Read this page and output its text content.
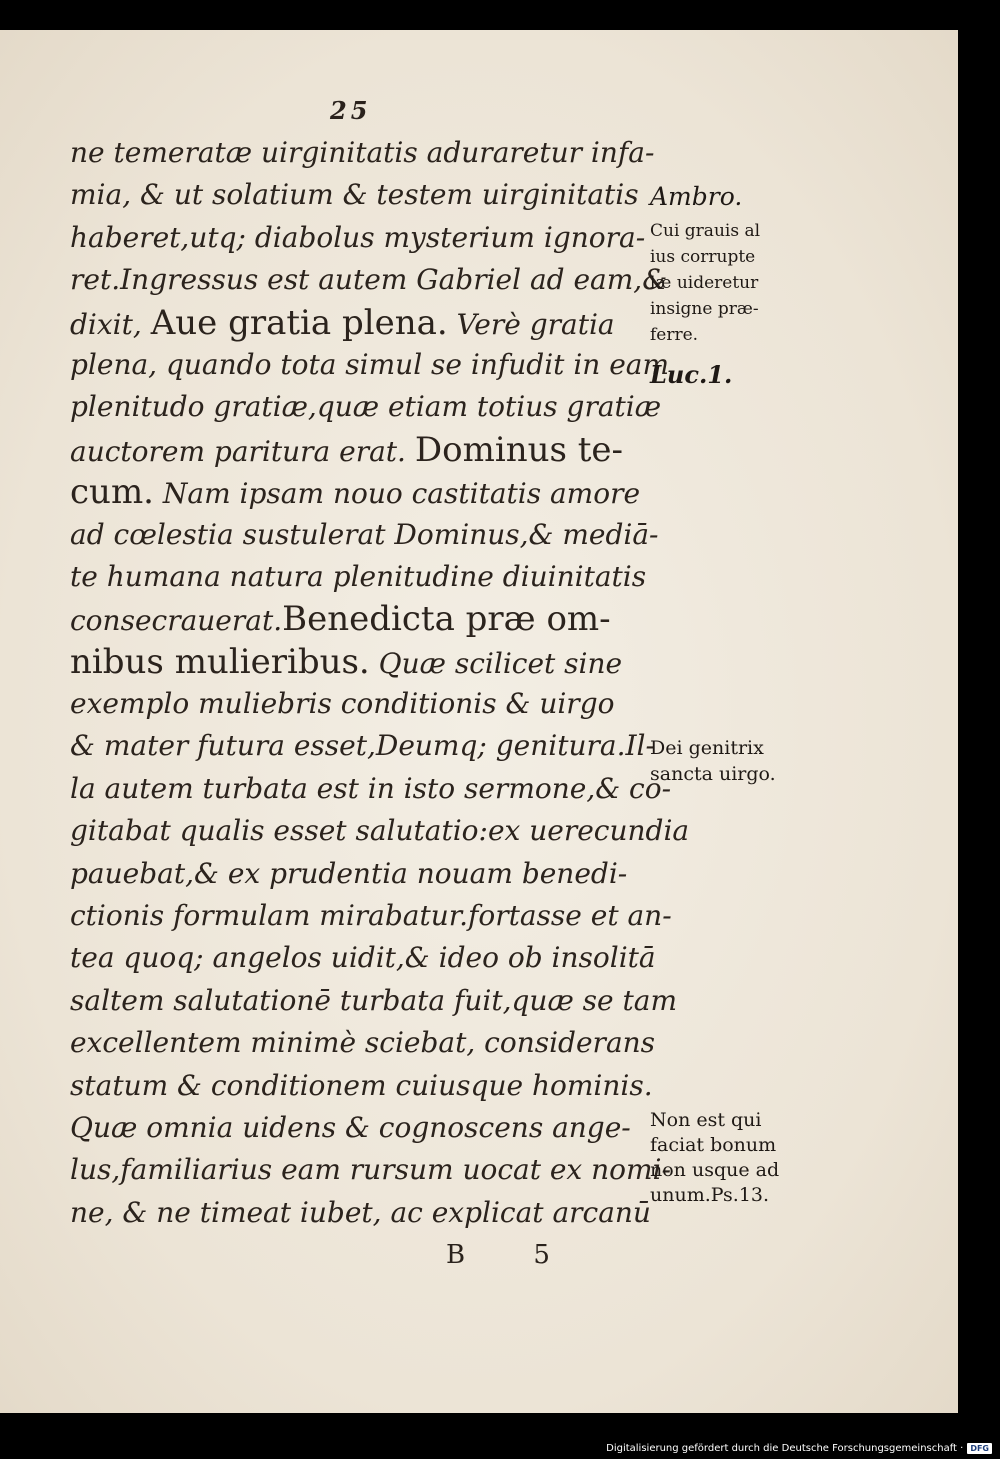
25
ne temeratæ uirginitatis aduraretur infa-
mia, & ut solatium & testem uirginitatis
haberet,utq; diabolus mysterium ignora-
ret.Ingressus est autem Gabriel ad eam,&
dixit, Aue gratia plena. Verè gratia
plena, quando tota simul se infudit in eam
plenitudo gratiæ,quæ etiam totius gratiæ
auctorem paritura erat. Dominus te-
cum. Nam ipsam nouo castitatis amore
ad cœlestia sustulerat Dominus,& mediā-
te humana natura plenitudine diuinitatis
consecrauerat.Benedicta præ om-
nibus mulieribus. Quæ scilicet sine
exemplo muliebris conditionis & uirgo
& mater futura esset,Deumq; genitura.Il-
la autem turbata est in isto sermone,& co-
gitabat qualis esset salutatio:ex uerecundia
pauebat,& ex prudentia nouam benedi-
ctionis formulam mirabatur.fortasse et an-
tea quoq; angelos uidit,& ideo ob insolitā
saltem salutationē turbata fuit,quæ se tam
excellentem minimè sciebat, considerans
statum & conditionem cuiusque hominis.
Quæ omnia uidens & cognoscens ange-
lus,familiarius eam rursum uocat ex nomi-
ne, & ne timeat iubet, ac explicat arcanū
Ambro.
Cui grauis al
ius corrupte
læ uideretur
insigne præ-
ferre.
Luc.1.
Dei genitrix
sancta uirgo.
Non est qui
faciat bonum
non usque ad
unum.Ps.13.
B 5
Digitalisierung gefördert durch die Deutsche Forschungsgemeinschaft · DFG
